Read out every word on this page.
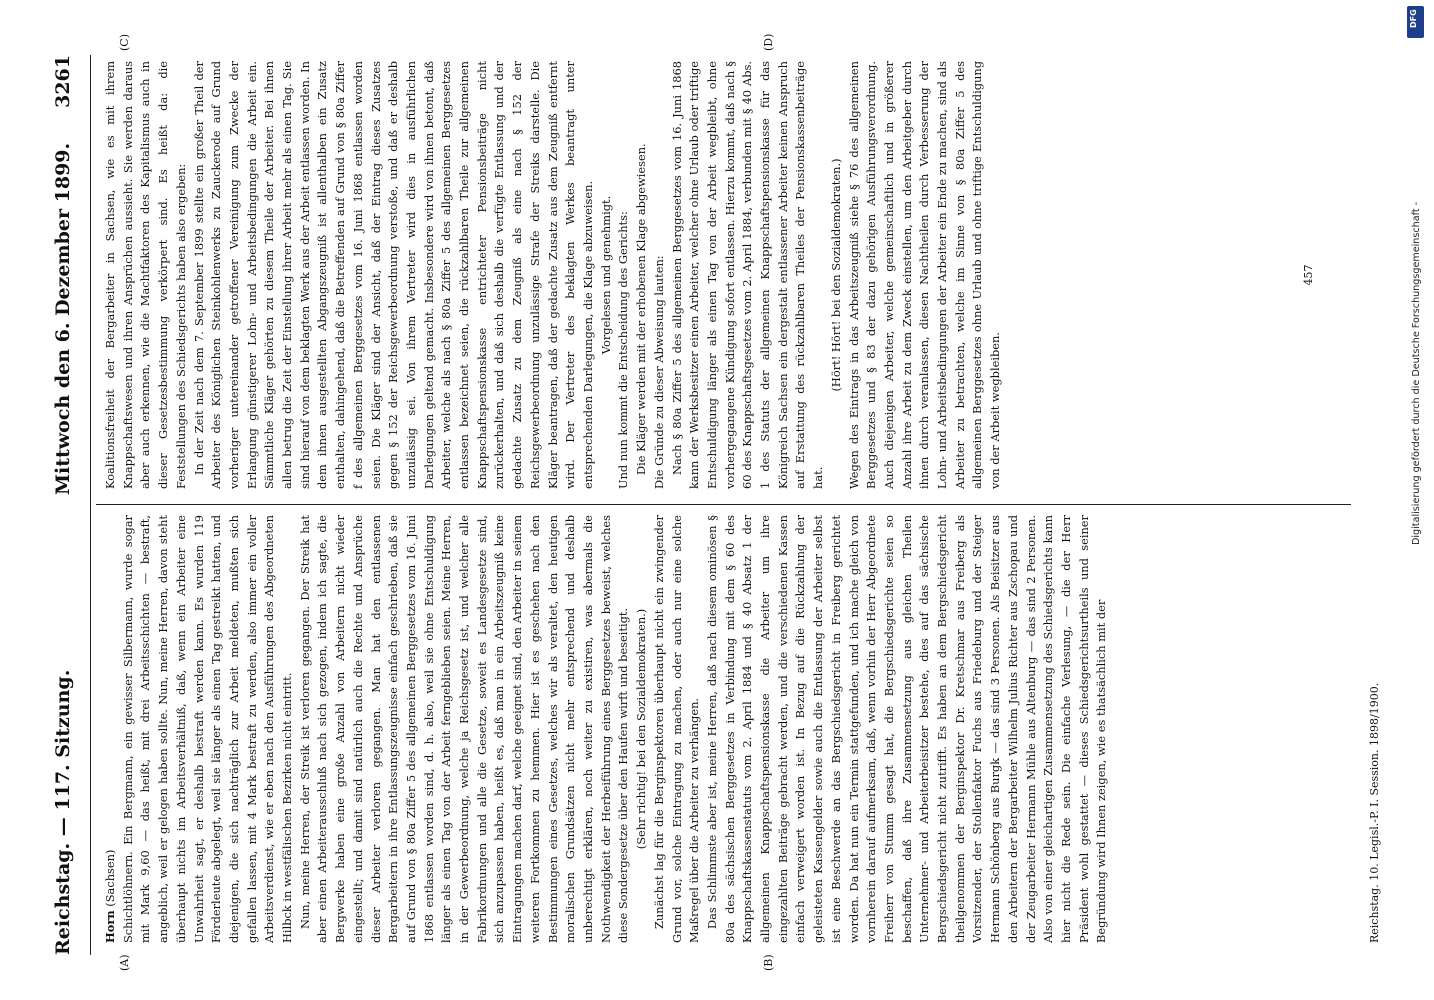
Reichstag. — 117. Sitzung.
Mittwoch den 6. Dezember 1899.
3261
(A)	(B)
(C)	(D)

Horn (Sachsen) Schichtlöhnern. Ein Bergmann, ein gewisser Silbermann, wurde sogar mit Mark 9,60 — das heißt, mit drei Arbeitsschichten — bestraft, angeblich, weil er gelogen haben sollte. Nun, meine Herren, davon steht überhaupt nichts im Arbeitsverhältniß, daß, wenn ein Arbeiter eine Unwahrheit sagt, er deshalb bestraft werden kann. Es wurden 119 Förderleute abgelegt, weil sie länger als einen Tag gestreikt hatten, und diejenigen, die sich nachträglich zur Arbeit meldeten, mußten sich gefallen lassen, mit 4 Mark bestraft zu werden, also immer ein voller Arbeitsverdienst, wie er eben nach den Ausführungen des Abgeordneten Hilbck in westfälischen Bezirken nicht eintritt. Nun, meine Herren, der Streik ist verloren gegangen. Der Streik hat aber einen Arbeiterausschluß nach sich gezogen, indem ich sagte, die Bergwerke haben eine große Anzahl von Arbeitern nicht wieder eingestellt; und damit sind natürlich auch die Rechte und Ansprüche dieser Arbeiter verloren gegangen. Man hat den entlassenen Bergarbeitern in ihre Entlassungszeugnisse einfach geschrieben, daß sie auf Grund von § 80a Ziffer 5 des allgemeinen Berggesetzes vom 16. Juni 1868 entlassen worden sind, d. h. also, weil sie ohne Entschuldigung länger als einen Tag von der Arbeit ferngeblieben seien. Meine Herren, in der Gewerbeordnung, welche ja Reichsgesetz ist, und welcher alle Fabrikordnungen und alle die Gesetze, soweit es Landesgesetze sind, sich anzupassen haben, heißt es, daß man in ein Arbeitszeugniß keine Eintragungen machen darf, welche geeignet sind, den Arbeiter in seinem weiteren Fortkommen zu hemmen. Hier ist es geschehen nach den Bestimmungen eines Gesetzes, welches wir als veraltet, den heutigen moralischen Grundsätzen nicht mehr entsprechend und deshalb unberechtigt erklären, noch weiter zu existiren, was abermals die Nothwendigkeit der Herbeiführung eines Berggesetzes beweist, welches diese Sondergesetze über den Haufen wirft und beseitigt. (Sehr richtig! bei den Sozialdemokraten.) Zunächst lag für die Berginspektoren überhaupt nicht ein zwingender Grund vor, solche Eintragung zu machen, oder auch nur eine solche Maßregel über die Arbeiter zu verhängen. Das Schlimmste aber ist, meine Herren, daß nach diesem ominösen § 80a des sächsischen Berggesetzes in Verbindung mit dem § 60 des Knappschaftskassenstatuts vom 2. April 1884 und § 40 Absatz 1 der allgemeinen Knappschaftspensionskasse die Arbeiter um ihre eingezahlten Beiträge gebracht werden, und die verschiedenen Kassen einfach verweigert worden ist. In Bezug auf die Rückzahlung der geleisteten Kassengelder sowie auch die Entlassung der Arbeiter selbst ist eine Beschwerde an das Bergschiedsgericht in Freiberg gerichtet worden. Da hat nun ein Termin stattgefunden, und ich mache gleich von vornherein darauf aufmerksam, daß, wenn vorhin der Herr Abgeordnete Freiherr von Stumm gesagt hat, die Bergschiedsgerichte seien so beschaffen, daß ihre Zusammensetzung aus gleichen Theilen Unternehmer- und Arbeiterbeisitzer bestehe, dies auf das sächsische Bergschiedsgericht nicht zutrifft. Es haben an dem Bergschiedsgericht theilgenommen der Berginspektor Dr. Kretschmar aus Freiberg als Vorsitzender, der Stollenfaktor Fuchs aus Friedeburg und der Steiger Hermann Schönberg aus Burgk — das sind 3 Personen. Als Beisitzer aus den Arbeitern der Bergarbeiter Wilhelm Julius Richter aus Zschopau und der Zeugarbeiter Hermann Mühle aus Altenburg — das sind 2 Personen. Also von einer gleichartigen Zusammensetzung des Schiedsgerichts kann hier nicht die Rede sein. Die einfache Verlesung, — die der Herr Präsident wohl gestattet — dieses Schiedsgerichtsurtheils und seiner Begründung wird Ihnen zeigen, wie es thatsächlich mit der

Koalitionsfreiheit der Bergarbeiter in Sachsen, wie es mit ihrem Knappschaftswesen und ihren Ansprüchen aussieht. Sie werden daraus aber auch erkennen, wie die Machtfaktoren des Kapitalismus auch in dieser Gesetzesbestimmung verkörpert sind. Es heißt da: die Feststellungen des Schiedsgerichts haben also ergeben: In der Zeit nach dem 7. September 1899 stellte ein großer Theil der Arbeiter des Königlichen Steinkohlenwerks zu Zauckerode auf Grund vorheriger untereinander getroffener Vereinigung zum Zwecke der Erlangung günstigerer Lohn- und Arbeitsbedingungen die Arbeit ein. Sämmtliche Kläger gehörten zu diesem Theile der Arbeiter. Bei ihnen allen betrug die Zeit der Einstellung ihrer Arbeit mehr als einen Tag. Sie sind hierauf von dem beklagten Werk aus der Arbeit entlassen worden. In dem ihnen ausgestellten Abgangszeugniß ist allenthalben ein Zusatz enthalten, dahingehend, daß die Betreffenden auf Grund von § 80a Ziffer f des allgemeinen Berggesetzes vom 16. Juni 1868 entlassen worden seien. Die Kläger sind der Ansicht, daß der Eintrag dieses Zusatzes gegen § 152 der Reichsgewerbeordnung verstoße, und daß er deshalb unzulässig sei. Von ihrem Vertreter wird dies in ausführlichen Darlegungen geltend gemacht. Insbesondere wird von ihnen betont, daß Arbeiter, welche als nach § 80a Ziffer 5 des allgemeinen Berggesetzes entlassen bezeichnet seien, die rückzahlbaren Theile zur allgemeinen Knappschaftspensionskasse entrichteter Pensionsbeiträge nicht zurückerhalten, und daß sich deshalb die verfügte Entlassung und der gedachte Zusatz zu dem Zeugniß als eine nach § 152 der Reichsgewerbeordnung unzulässige Strafe der Streiks darstelle. Die Kläger beantragen, daß der gedachte Zusatz aus dem Zeugniß entfernt wird. Der Vertreter des beklagten Werkes beantragt unter entsprechenden Darlegungen, die Klage abzuweisen. Vorgelesen und genehmigt. Und nun kommt die Entscheidung des Gerichts: Die Kläger werden mit der erhobenen Klage abgewiesen. Die Gründe zu dieser Abweisung lauten: Nach § 80a Ziffer 5 des allgemeinen Berggesetzes vom 16. Juni 1868 kann der Werksbesitzer einen Arbeiter, welcher ohne Urlaub oder triftige Entschuldigung länger als einen Tag von der Arbeit wegbleibt, ohne vorhergegangene Kündigung sofort entlassen. Hierzu kommt, daß nach § 60 des Knappschaftsgesetzes vom 2. April 1884, verbunden mit § 40 Abs. 1 des Statuts der allgemeinen Knappschaftspensionskasse für das Königreich Sachsen ein dergestalt entlassener Arbeiter keinen Anspruch auf Erstattung des rückzahlbaren Theiles der Pensionskassenbeiträge hat.

(Hört! Hört! bei den Sozialdemokraten.) Wegen des Eintrags in das Arbeitszeugniß siehe § 76 des allgemeinen Berggesetzes und § 83 der dazu gehörigen Ausführungsverordnung. Auch diejenigen Arbeiter, welche gemeinschaftlich und in größerer Anzahl ihre Arbeit zu dem Zweck einstellen, um den Arbeitgeber durch ihnen durch veranlassen, diesen Nachtheilen durch Verbesserung der Lohn- und Arbeitsbedingungen der Arbeiter ein Ende zu machen, sind als Arbeiter zu betrachten, welche im Sinne von § 80a Ziffer 5 des allgemeinen Berggesetzes ohne Urlaub und ohne triftige Entschuldigung von der Arbeit wegbleiben.

Reichstag. 10. Legisl.-P. I. Session. 1898/1900.
457
DFG
Digitalisierung gefördert durch die Deutsche Forschungsgemeinschaft -
